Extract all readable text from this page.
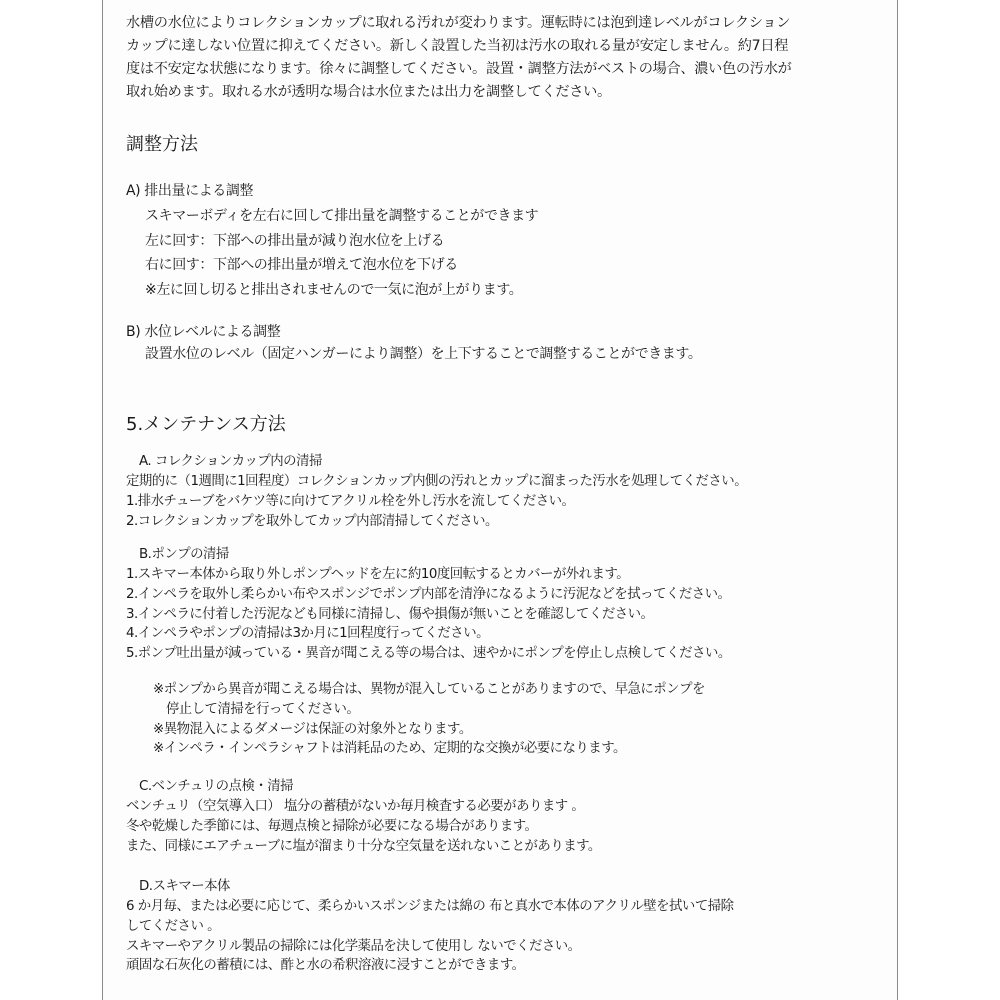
水槽の水位によりコレクションカップに取れる汚れが変わります。運転時には泡到達レベルがコレクション
カップに達しない位置に抑えてください。新しく設置した当初は汚水の取れる量が安定しません。約7日程
度は不安定な状態になります。徐々に調整してください。設置・調整方法がベストの場合、濃い色の汚水が
取れ始めます。取れる水が透明な場合は水位または出力を調整してください。
調整方法
A) 排出量による調整
スキマーボディを左右に回して排出量を調整することができます
左に回す：下部への排出量が減り泡水位を上げる
右に回す：下部への排出量が増えて泡水位を下げる
※左に回し切ると排出されませんので一気に泡が上がります。
B) 水位レベルによる調整
設置水位のレベル（固定ハンガーにより調整）を上下することで調整することができます。
5.メンテナンス方法
A. コレクションカップ内の清掃
定期的に（1週間に1回程度）コレクションカップ内側の汚れとカップに溜まった汚水を処理してください。
1.排水チューブをバケツ等に向けてアクリル栓を外し汚水を流してください。
2.コレクションカップを取外してカップ内部清掃してください。
B.ポンプの清掃
1.スキマー本体から取り外しポンプヘッドを左に約10度回転するとカバーが外れます。
2.インペラを取外し柔らかい布やスポンジでポンプ内部を清浄になるように汚泥などを拭ってください。
3.インペラに付着した汚泥なども同様に清掃し、傷や損傷が無いことを確認してください。
4.インペラやポンプの清掃は3か月に1回程度行ってください。
5.ポンプ吐出量が減っている・異音が聞こえる等の場合は、速やかにポンプを停止し点検してください。
※ポンプから異音が聞こえる場合は、異物が混入していることがありますので、早急にポンプを
　停止して清掃を行ってください。
※異物混入によるダメージは保証の対象外となります。
※インペラ・インペラシャフトは消耗品のため、定期的な交換が必要になります。
C.ベンチュリの点検・清掃
ベンチュリ（空気導入口） 塩分の蓄積がないか毎月検査する必要があります 。
冬や乾燥した季節には、毎週点検と掃除が必要になる場合があります。
また、同様にエアチューブに塩が溜まり十分な空気量を送れないことがあります。
D.スキマー本体
6 か月毎、または必要に応じて、柔らかいスポンジまたは綿の 布と真水で本体のアクリル壁を拭いて掃除
してください 。
スキマーやアクリル製品の掃除には化学薬品を決して使用し ないでください。
頑固な石灰化の蓄積には、酢と水の希釈溶液に浸すことができます。
